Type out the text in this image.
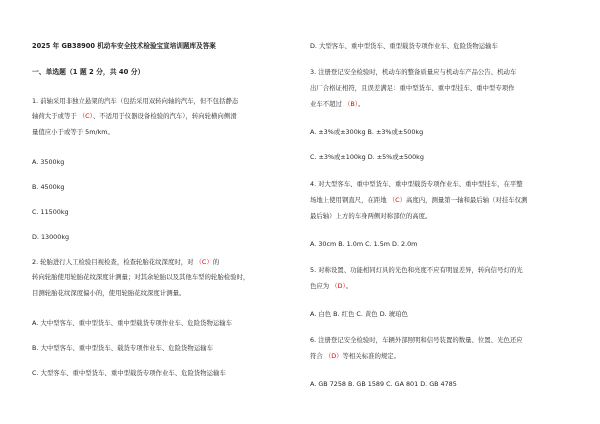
2025 年 GB38900 机动车安全技术检验宝宣培训题库及答案
一、单选题（1 题 2 分，共 40 分）
1. 前轴采用非独立悬架的汽车（包括采用双转向轴的汽车，但不包括静态
轴荷大于或等于 （C）、不适用于仪器设备检验的汽车），转向轮横向侧滑
量值应小于或等于 5m/km。
A. 3500kg
B. 4500kg
C. 11500kg
D. 13000kg
2. 轮胎进行人工检验目视检查，检查轮胎花纹深度时，对 （C）的
转向轮胎使用轮胎花纹深度计测量；对其余轮胎以及其他车型的轮胎检验时，
目测轮胎花纹深度偏小的，使用轮胎花纹深度计测量。
A. 大中型客车、重中型货车、重中型载货专项作业车、危险货物运输车
B. 大中型客车、重中型货车、载货专项作业车、危险货物运输车
C. 大型客车、重中型货车、重中型载货专项作业车、危险货物运输车
D. 大型客车、重中型货车、重型载货专项作业车、危险货物运输车
3. 注册登记安全检验时，机动车的整备质量应与机动车产品公告、机动车
出厂合格证相符，且误差满足：重中型货车、重中型挂车、重中型专项作
业车不超过 （B）。
A. ±3%或±300kg B. ±3%或±500kg
C. ±3%或±100kg D. ±5%或±500kg
4. 对大型客车、重中型货车、重中型载货专项作业车、重中型挂车，在平整
场地上使用钢直尺，在距地 （C）高度内，测量第一轴和最后轴（对挂车仅测
最后轴）上方的车身两侧对称部位的高度。
A. 30cm B. 1.0m C. 1.5m D. 2.0m
5. 对称设置、功能相同灯具的光色和亮度不应有明显差异，转向信号灯的光
色应为 （D）。
A. 白色 B. 红色 C. 黄色 D. 琥珀色
6. 注册登记安全检验时，车辆外部照明和信号装置的数量、位置、光色还应
符合 （D）等相关标准的规定。
A. GB 7258 B. GB 1589 C. GA 801 D. GB 4785
